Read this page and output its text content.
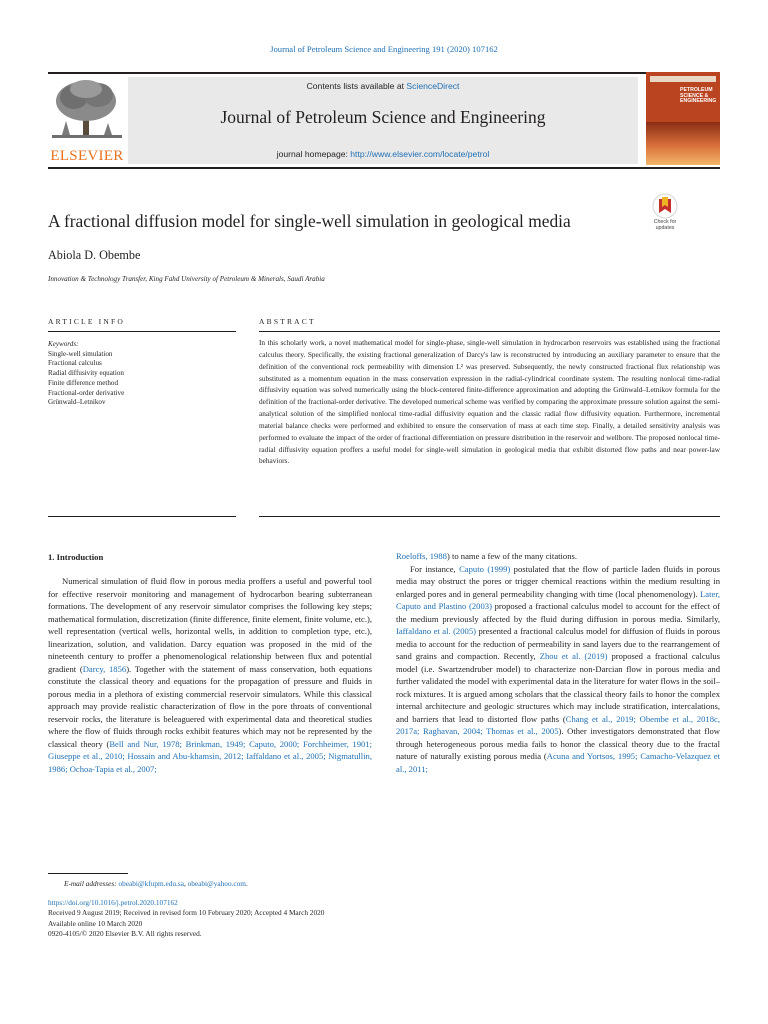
Journal of Petroleum Science and Engineering 191 (2020) 107162
ELSEVIER
Contents lists available at ScienceDirect
Journal of Petroleum Science and Engineering
journal homepage: http://www.elsevier.com/locate/petrol
PETROLEUM SCIENCE & ENGINEERING
A fractional diffusion model for single-well simulation in geological media	Check for updates
Abiola D. Obembe
Innovation & Technology Transfer, King Fahd University of Petroleum & Minerals, Saudi Arabia
ARTICLE INFO	ABSTRACT
Keywords:
Single-well simulation
Fractional calculus
Radial diffusivity equation
Finite difference method
Fractional-order derivative
Grünwald–Letnikov
In this scholarly work, a novel mathematical model for single-phase, single-well simulation in hydrocarbon reservoirs was established using the fractional calculus theory. Specifically, the existing fractional generalization of Darcy's law is reconstructed by introducing an auxiliary parameter to ensure that the definition of the conventional rock permeability with dimension L² was preserved. Subsequently, the newly constructed fractional flux relationship was substituted as a momentum equation in the mass conservation expression in the radial-cylindrical coordinate system. The resulting nonlocal time-radial diffusivity equation was solved numerically using the block-centered finite-difference approximation and adopting the Grünwald–Letnikov formula for the definition of the fractional-order derivative. The developed numerical scheme was verified by comparing the approximate pressure solution against the semi-analytical solution of the simplified nonlocal time-radial diffusivity equation and the classic radial flow diffusivity equation. Furthermore, incremental material balance checks were performed and exhibited to ensure the conservation of mass at each time step. Finally, a detailed sensitivity analysis was performed to evaluate the impact of the order of fractional differentiation on pressure distribution in the reservoir and wellbore. The proposed nonlocal time-radial diffusivity equation proffers a useful model for single-well simulation in geological media that exhibit distorted flow paths and near power-law behaviors.
1. Introduction

Numerical simulation of fluid flow in porous media proffers a useful and powerful tool for effective reservoir monitoring and management of hydrocarbon bearing subterranean formations. The development of any reservoir simulator comprises the following key steps; mathematical formulation, discretization (finite difference, finite element, finite volume, etc.), well representation (vertical wells, horizontal wells, in addition to completion type, etc.), linearization, solution, and validation. Darcy equation was proposed in the mid of the nineteenth century to proffer a phenomenological relationship between flux and potential gradient (Darcy, 1856). Together with the statement of mass conservation, both equations constitute the classical theory and equations for the propagation of pressure and fluids in porous media in a plethora of existing commercial reservoir simulators. While this classical approach may provide realistic characterization of flow in the pore throats of conventional reservoir rocks, the literature is beleaguered with experimental data and theoretical studies where the flow of fluids through rocks exhibit features which may not be represented by the classical theory (Bell and Nur, 1978; Brinkman, 1949; Caputo, 2000; Forchheimer, 1901; Giuseppe et al., 2010; Hossain and Abu-khamsin, 2012; Iaffaldano et al., 2005; Nigmatullin, 1986; Ochoa-Tapia et al., 2007;

Roeloffs, 1988) to name a few of the many citations.

For instance, Caputo (1999) postulated that the flow of particle laden fluids in porous media may obstruct the pores or trigger chemical reactions within the medium resulting in enlarged pores and in general permeability changing with time (local phenomenology). Later, Caputo and Plastino (2003) proposed a fractional calculus model to account for the effect of the medium previously affected by the fluid during diffusion in porous media. Similarly, Iaffaldano et al. (2005) presented a fractional calculus model for diffusion of fluids in porous media to account for the reduction of permeability in sand layers due to the rearrangement of sand grains and compaction. Recently, Zhou et al. (2019) proposed a fractional calculus model (i.e. Swartzendruber model) to characterize non-Darcian flow in porous media and further validated the model with experimental data in the literature for water flows in the soil–rock mixtures. It is argued among scholars that the classical theory fails to honor the complex internal architecture and geologic structures which may include stratification, intercalations, and barriers that lead to distorted flow paths (Chang et al., 2019; Obembe et al., 2018c, 2017a; Raghavan, 2004; Thomas et al., 2005). Other investigators demonstrated that flow through heterogeneous porous media fails to honor the classical theory due to the fractal nature of naturally existing porous media (Acuna and Yortsos, 1995; Camacho-Velazquez et al., 2011;

E-mail addresses: obeabi@kfupm.edu.sa, obeabi@yahoo.com.
https://doi.org/10.1016/j.petrol.2020.107162
Received 9 August 2019; Received in revised form 10 February 2020; Accepted 4 March 2020
Available online 10 March 2020
0920-4105/© 2020 Elsevier B.V. All rights reserved.
